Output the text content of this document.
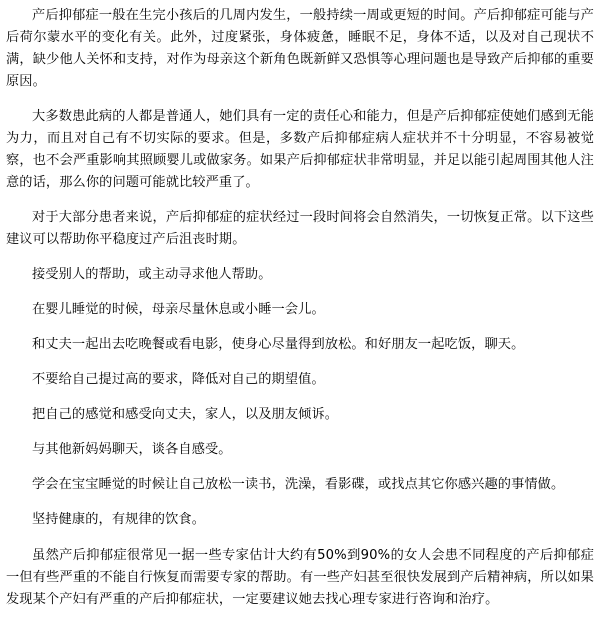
产后抑郁症一般在生完小孩后的几周内发生，一般持续一周或更短的时间。产后抑郁症可能与产后荷尔蒙水平的变化有关。此外，过度紧张，身体疲惫，睡眠不足，身体不适，以及对自己现状不满，缺少他人关怀和支持，对作为母亲这个新角色既新鲜又恐惧等心理问题也是导致产后抑郁的重要原因。

大多数患此病的人都是普通人，她们具有一定的责任心和能力，但是产后抑郁症使她们感到无能为力，而且对自己有不切实际的要求。但是，多数产后抑郁症病人症状并不十分明显，不容易被觉察，也不会严重影响其照顾婴儿或做家务。如果产后抑郁症状非常明显，并足以能引起周围其他人注意的话，那么你的问题可能就比较严重了。

对于大部分患者来说，产后抑郁症的症状经过一段时间将会自然消失，一切恢复正常。以下这些建议可以帮助你平稳度过产后沮丧时期。

接受别人的帮助，或主动寻求他人帮助。

在婴儿睡觉的时候，母亲尽量休息或小睡一会儿。

和丈夫一起出去吃晚餐或看电影，使身心尽量得到放松。和好朋友一起吃饭，聊天。

不要给自己提过高的要求，降低对自己的期望值。

把自己的感觉和感受向丈夫，家人，以及朋友倾诉。

与其他新妈妈聊天，谈各自感受。

学会在宝宝睡觉的时候让自己放松一读书，洗澡，看影碟，或找点其它你感兴趣的事情做。

坚持健康的，有规律的饮食。

虽然产后抑郁症很常见一据一些专家估计大约有50%到90%的女人会患不同程度的产后抑郁症一但有些严重的不能自行恢复而需要专家的帮助。有一些产妇甚至很快发展到产后精神病，所以如果发现某个产妇有严重的产后抑郁症状，一定要建议她去找心理专家进行咨询和治疗。
